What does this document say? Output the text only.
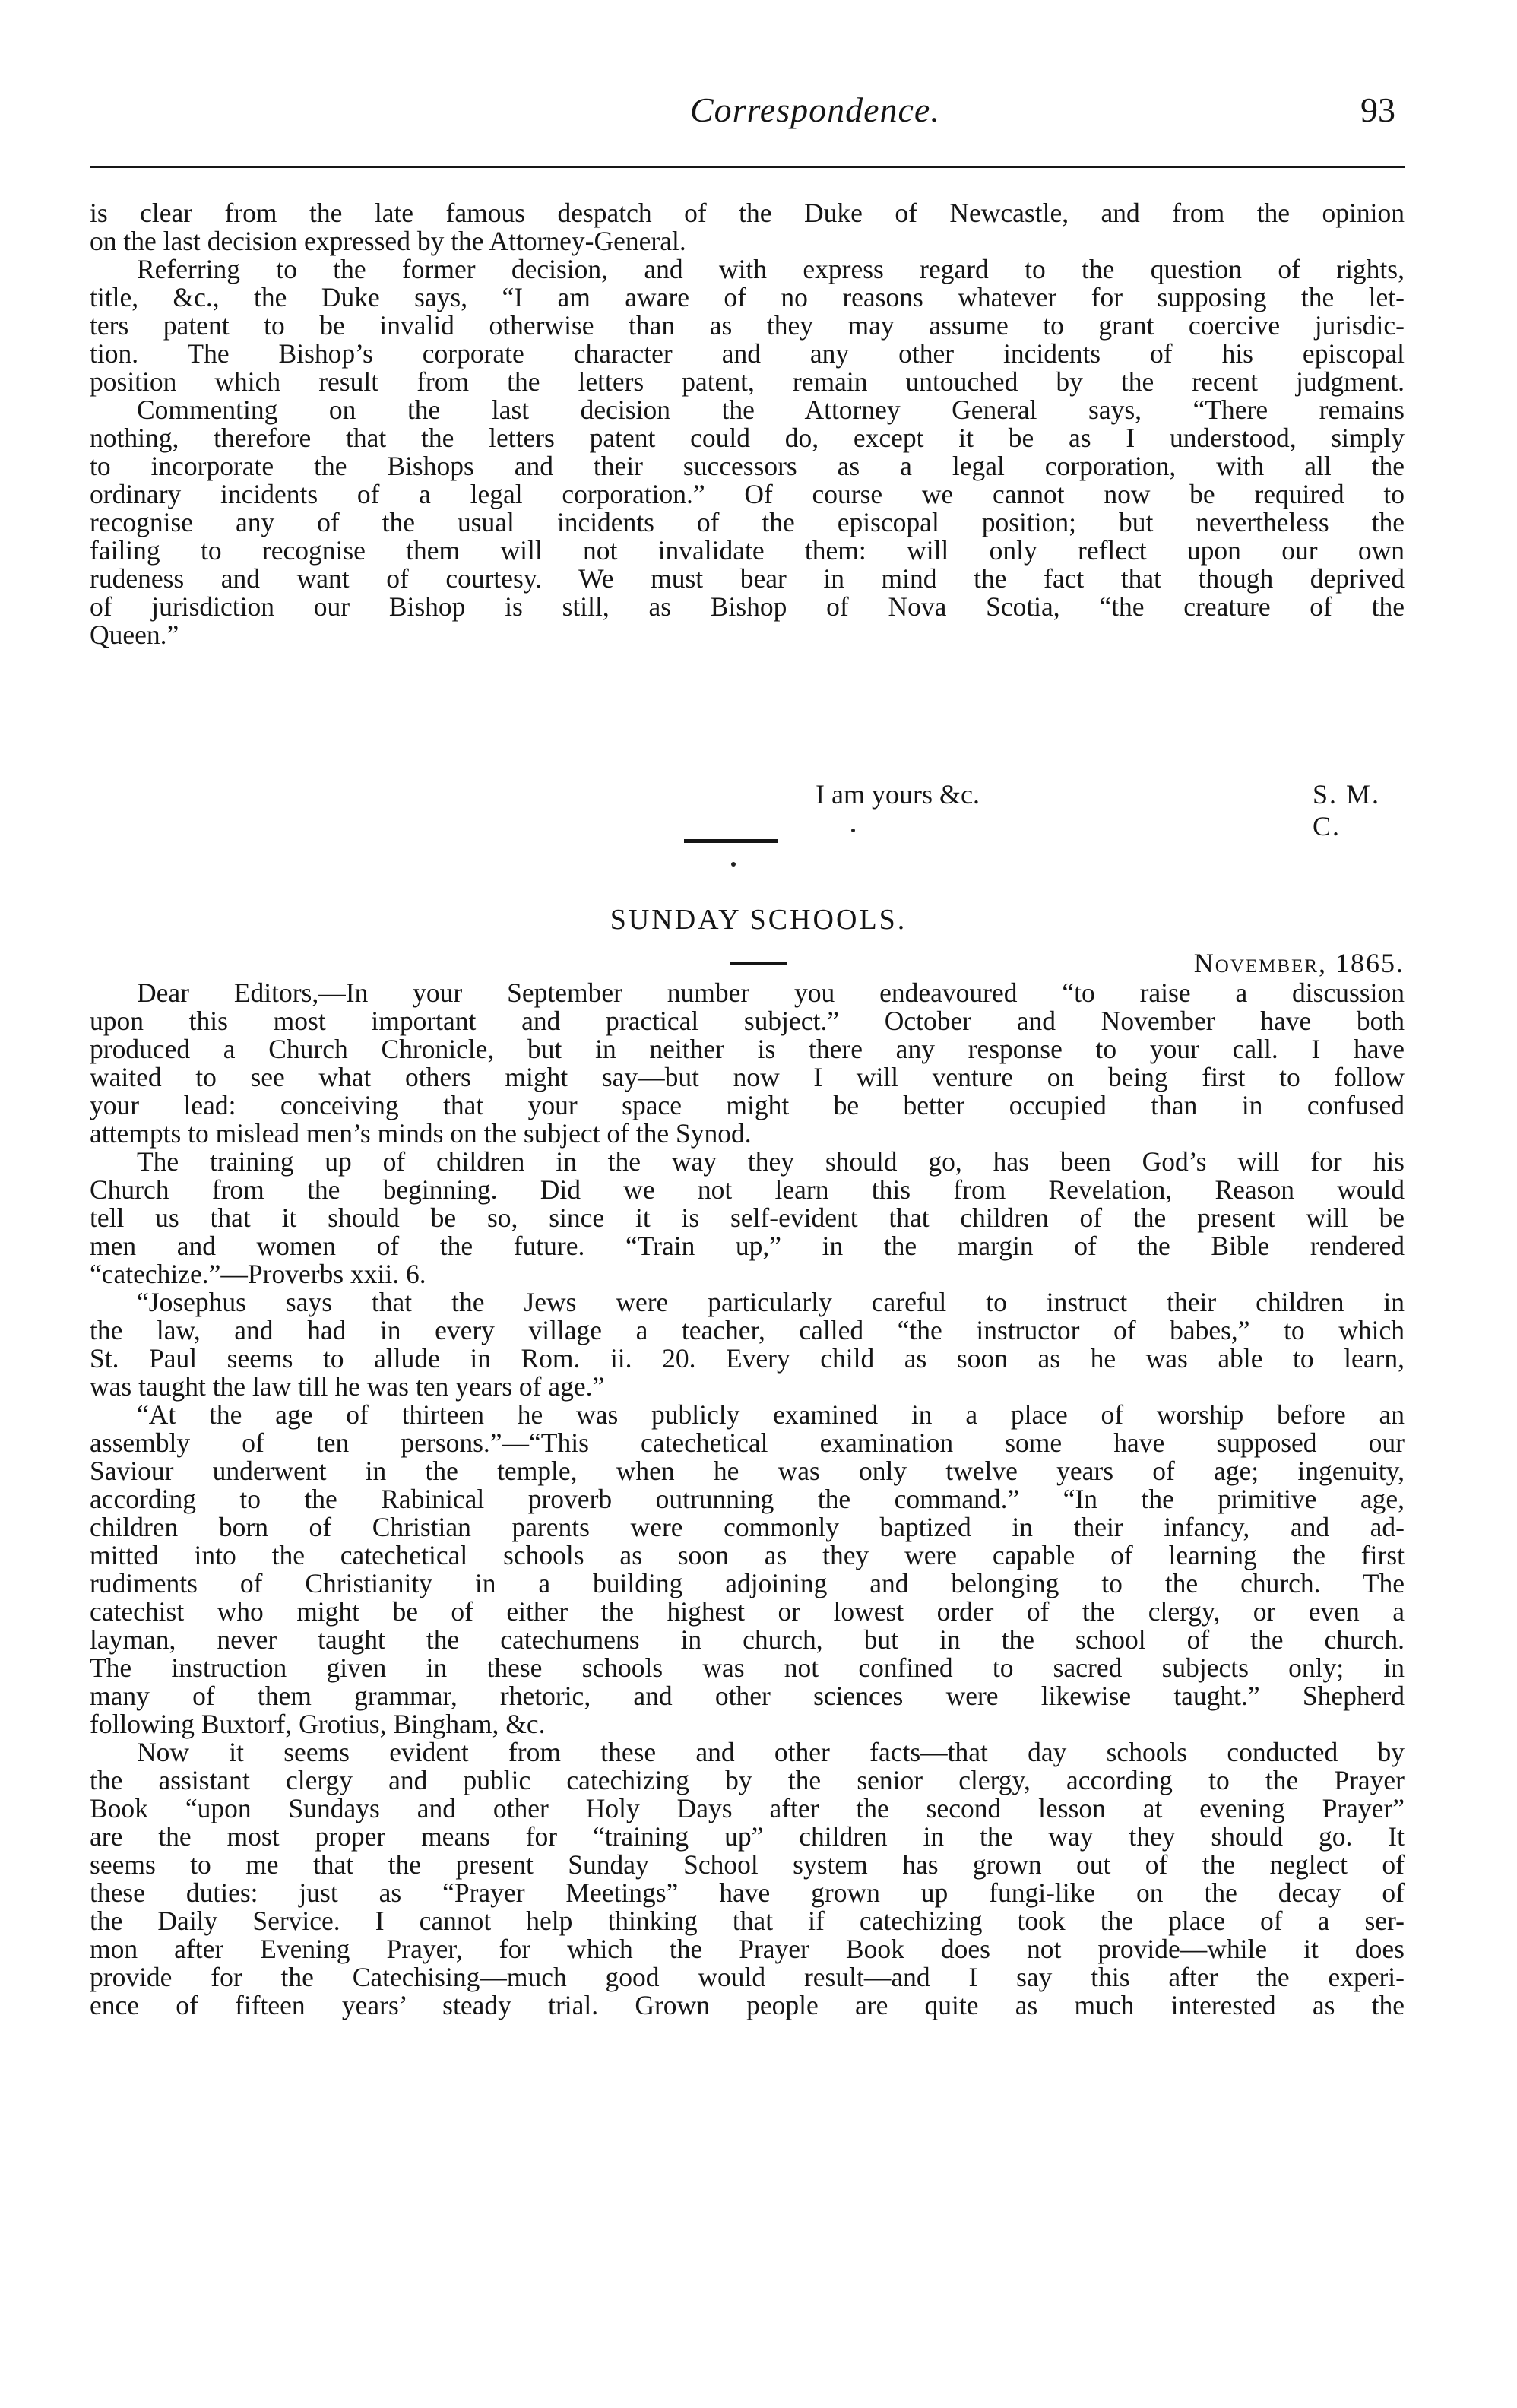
Correspondence.	93
is clear from the late famous despatch of the Duke of Newcastle, and from the opinion
on the last decision expressed by the Attorney-General.
Referring to the former decision, and with express regard to the question of rights,
title, &c., the Duke says, “I am aware of no reasons whatever for supposing the let-
ters patent to be invalid otherwise than as they may assume to grant coercive jurisdic-
tion. The Bishop’s corporate character and any other incidents of his episcopal
position which result from the letters patent, remain untouched by the recent judgment.
Commenting on the last decision the Attorney General says, “There remains
nothing, therefore that the letters patent could do, except it be as I understood, simply
to incorporate the Bishops and their successors as a legal corporation, with all the
ordinary incidents of a legal corporation.” Of course we cannot now be required to
recognise any of the usual incidents of the episcopal position; but nevertheless the
failing to recognise them will not invalidate them: will only reflect upon our own
rudeness and want of courtesy. We must bear in mind the fact that though deprived
of jurisdiction our Bishop is still, as Bishop of Nova Scotia, “the creature of the
Queen.”
I am yours &c.	S. M. C.
SUNDAY SCHOOLS.
November, 1865.
Dear Editors,—In your September number you endeavoured “to raise a discussion
upon this most important and practical subject.” October and November have both
produced a Church Chronicle, but in neither is there any response to your call. I have
waited to see what others might say—but now I will venture on being first to follow
your lead: conceiving that your space might be better occupied than in confused
attempts to mislead men’s minds on the subject of the Synod.
The training up of children in the way they should go, has been God’s will for his
Church from the beginning. Did we not learn this from Revelation, Reason would
tell us that it should be so, since it is self-evident that children of the present will be
men and women of the future. “Train up,” in the margin of the Bible rendered
“catechize.”—Proverbs xxii. 6.
“Josephus says that the Jews were particularly careful to instruct their children in
the law, and had in every village a teacher, called “the instructor of babes,” to which
St. Paul seems to allude in Rom. ii. 20. Every child as soon as he was able to learn,
was taught the law till he was ten years of age.”
“At the age of thirteen he was publicly examined in a place of worship before an
assembly of ten persons.”—“This catechetical examination some have supposed our
Saviour underwent in the temple, when he was only twelve years of age; ingenuity,
according to the Rabinical proverb outrunning the command.” “In the primitive age,
children born of Christian parents were commonly baptized in their infancy, and ad-
mitted into the catechetical schools as soon as they were capable of learning the first
rudiments of Christianity in a building adjoining and belonging to the church. The
catechist who might be of either the highest or lowest order of the clergy, or even a
layman, never taught the catechumens in church, but in the school of the church.
The instruction given in these schools was not confined to sacred subjects only; in
many of them grammar, rhetoric, and other sciences were likewise taught.” Shepherd
following Buxtorf, Grotius, Bingham, &c.
Now it seems evident from these and other facts—that day schools conducted by
the assistant clergy and public catechizing by the senior clergy, according to the Prayer
Book “upon Sundays and other Holy Days after the second lesson at evening Prayer”
are the most proper means for “training up” children in the way they should go. It
seems to me that the present Sunday School system has grown out of the neglect of
these duties: just as “Prayer Meetings” have grown up fungi-like on the decay of
the Daily Service. I cannot help thinking that if catechizing took the place of a ser-
mon after Evening Prayer, for which the Prayer Book does not provide—while it does
provide for the Catechising—much good would result—and I say this after the experi-
ence of fifteen years’ steady trial. Grown people are quite as much interested as the
